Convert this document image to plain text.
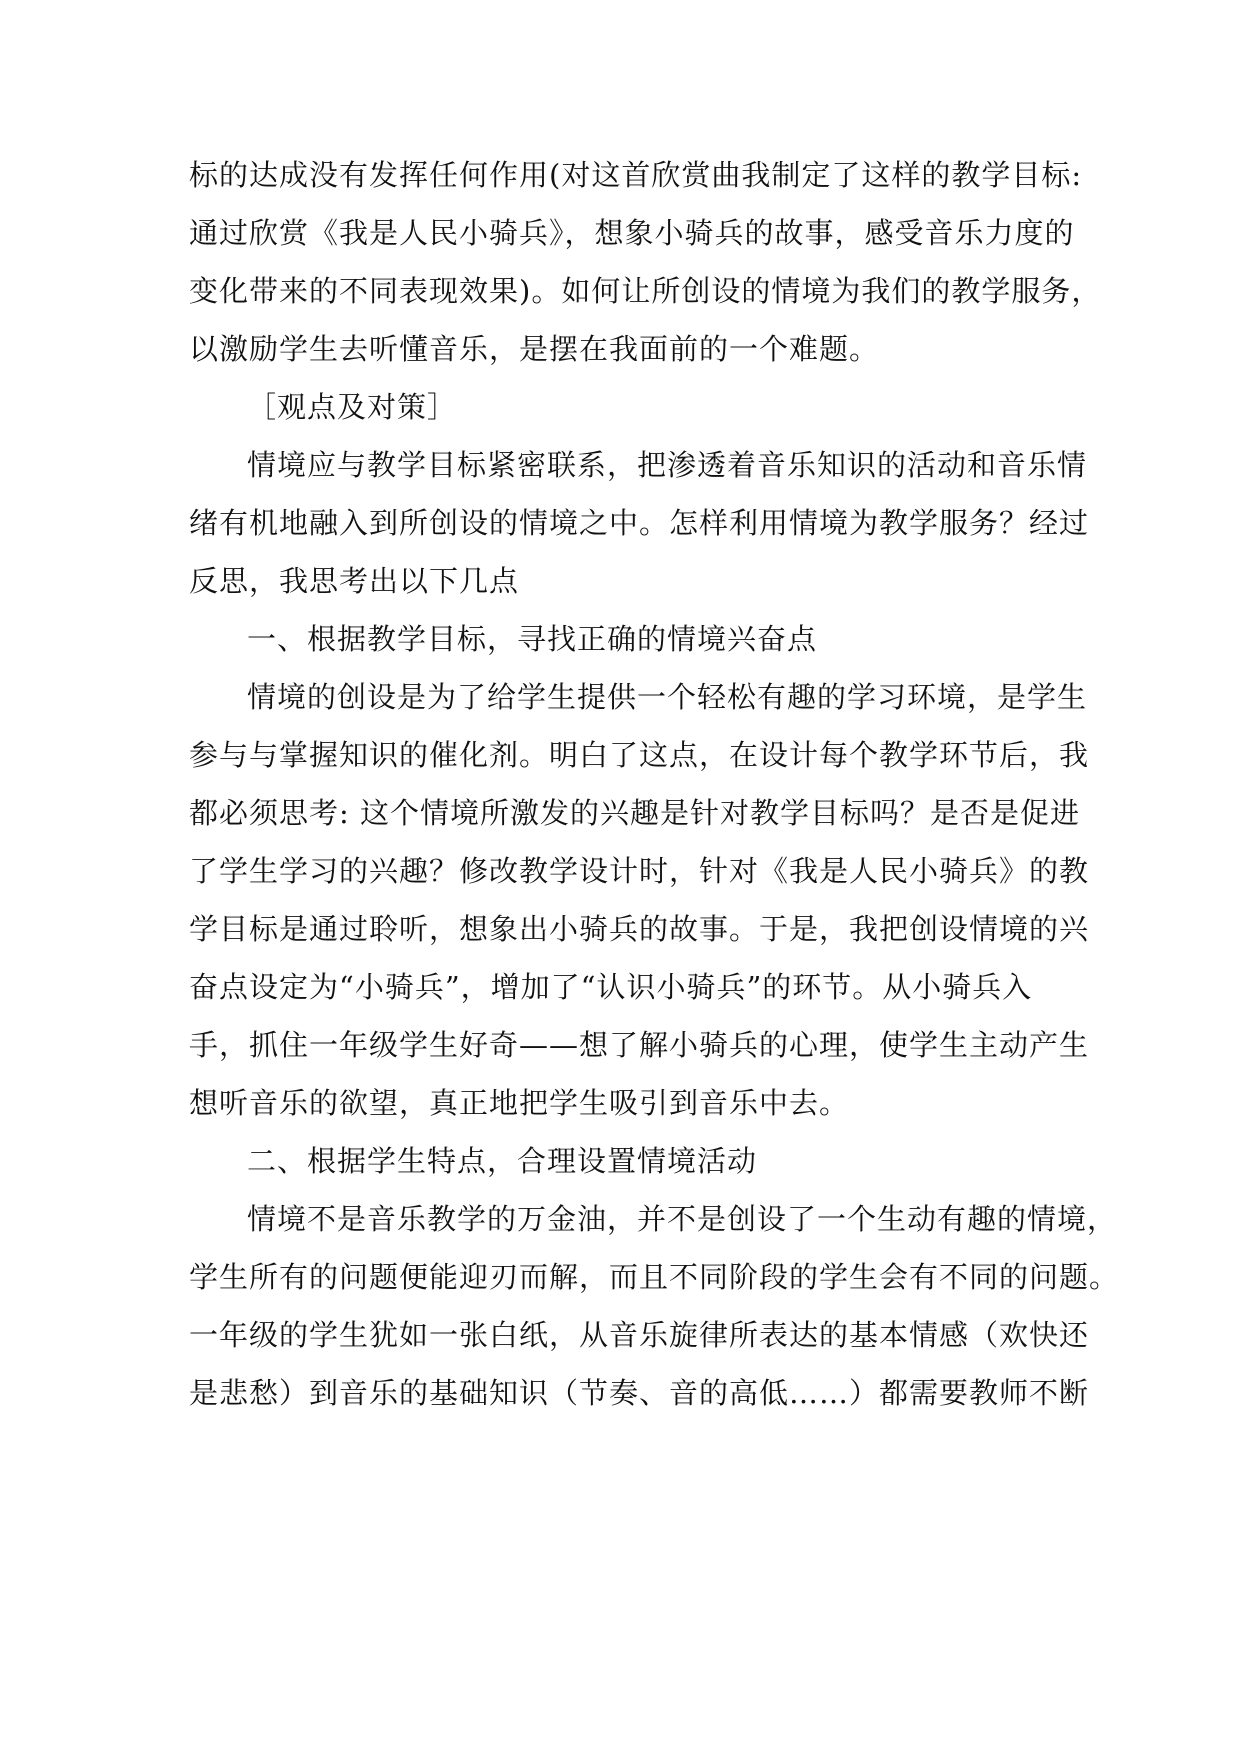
标的达成没有发挥任何作用(对这首欣赏曲我制定了这样的教学目标:
通过欣赏《我是人民小骑兵》，想象小骑兵的故事，感受音乐力度的
变化带来的不同表现效果)。如何让所创设的情境为我们的教学服务，
以激励学生去听懂音乐，是摆在我面前的一个难题。
［观点及对策］
情境应与教学目标紧密联系，把渗透着音乐知识的活动和音乐情
绪有机地融入到所创设的情境之中。怎样利用情境为教学服务？经过
反思，我思考出以下几点
一、根据教学目标，寻找正确的情境兴奋点
情境的创设是为了给学生提供一个轻松有趣的学习环境，是学生
参与与掌握知识的催化剂。明白了这点，在设计每个教学环节后，我
都必须思考: 这个情境所激发的兴趣是针对教学目标吗？是否是促进
了学生学习的兴趣？修改教学设计时，针对《我是人民小骑兵》的教
学目标是通过聆听，想象出小骑兵的故事。于是，我把创设情境的兴
奋点设定为“小骑兵”，增加了“认识小骑兵”的环节。从小骑兵入
手，抓住一年级学生好奇——想了解小骑兵的心理，使学生主动产生
想听音乐的欲望，真正地把学生吸引到音乐中去。
二、根据学生特点，合理设置情境活动
情境不是音乐教学的万金油，并不是创设了一个生动有趣的情境，
学生所有的问题便能迎刃而解，而且不同阶段的学生会有不同的问题。
一年级的学生犹如一张白纸，从音乐旋律所表达的基本情感（欢快还
是悲愁）到音乐的基础知识（节奏、音的高低……）都需要教师不断
